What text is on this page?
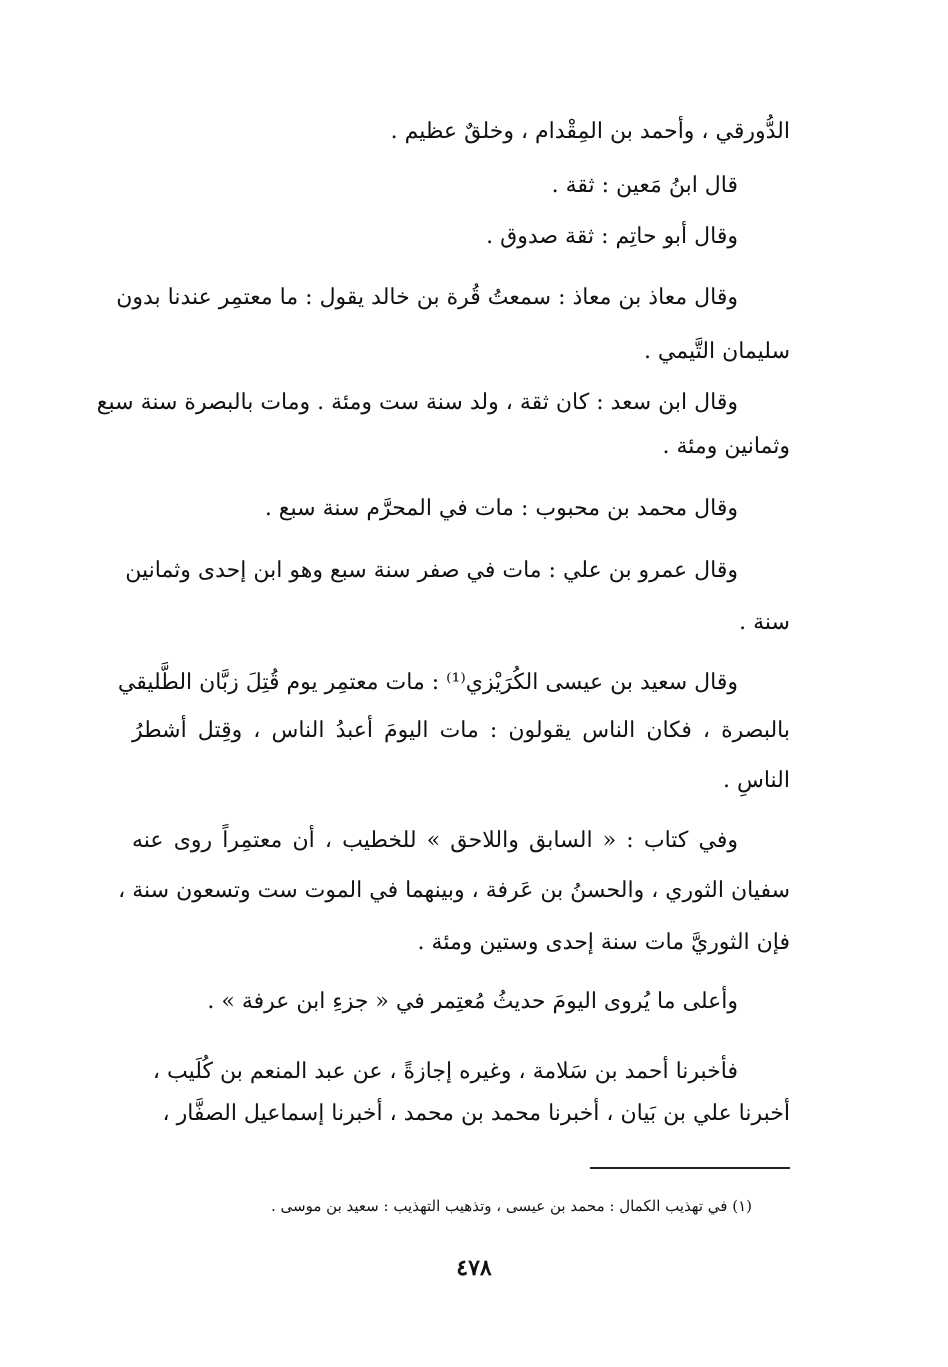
الدُّورقي ، وأحمد بن المِقْدام ، وخلقٌ عظيم .
قال ابنُ مَعين : ثقة .
وقال أبو حاتِم : ثقة صدوق .
وقال معاذ بن معاذ : سمعتُ قُرة بن خالد يقول : ما معتمِر عندنا بدون
سليمان التَّيمي .
وقال ابن سعد : كان ثقة ، ولد سنة ست ومئة . ومات بالبصرة سنة سبع
وثمانين ومئة .
وقال محمد بن محبوب : مات في المحرَّم سنة سبع .
وقال عمرو بن علي : مات في صفر سنة سبع وهو ابن إحدى وثمانين
سنة .
وقال سعيد بن عيسى الكُرَيْزي⁽¹⁾ : مات معتمِر يوم قُتِلَ زبَّان الطَّليقي
بالبصرة ، فكان الناس يقولون : مات اليومَ أعبدُ الناس ، وقِتل أشطرُ
الناسِ .
وفي كتاب : « السابق واللاحق » للخطيب ، أن معتمِراً روى عنه
سفيان الثوري ، والحسنُ بن عَرفة ، وبينهما في الموت ست وتسعون سنة ،
فإن الثوريَّ مات سنة إحدى وستين ومئة .
وأعلى ما يُروى اليومَ حديثُ مُعتِمر في « جزءِ ابن عرفة » .
فأخبرنا أحمد بن سَلامة ، وغيره إجازةً ، عن عبد المنعم بن كُلَيب ،
أخبرنا علي بن بَيان ، أخبرنا محمد بن محمد ، أخبرنا إسماعيل الصفَّار ،
(١) في تهذيب الكمال : محمد بن عيسى ، وتذهيب التهذيب : سعيد بن موسى .
٤٧٨
